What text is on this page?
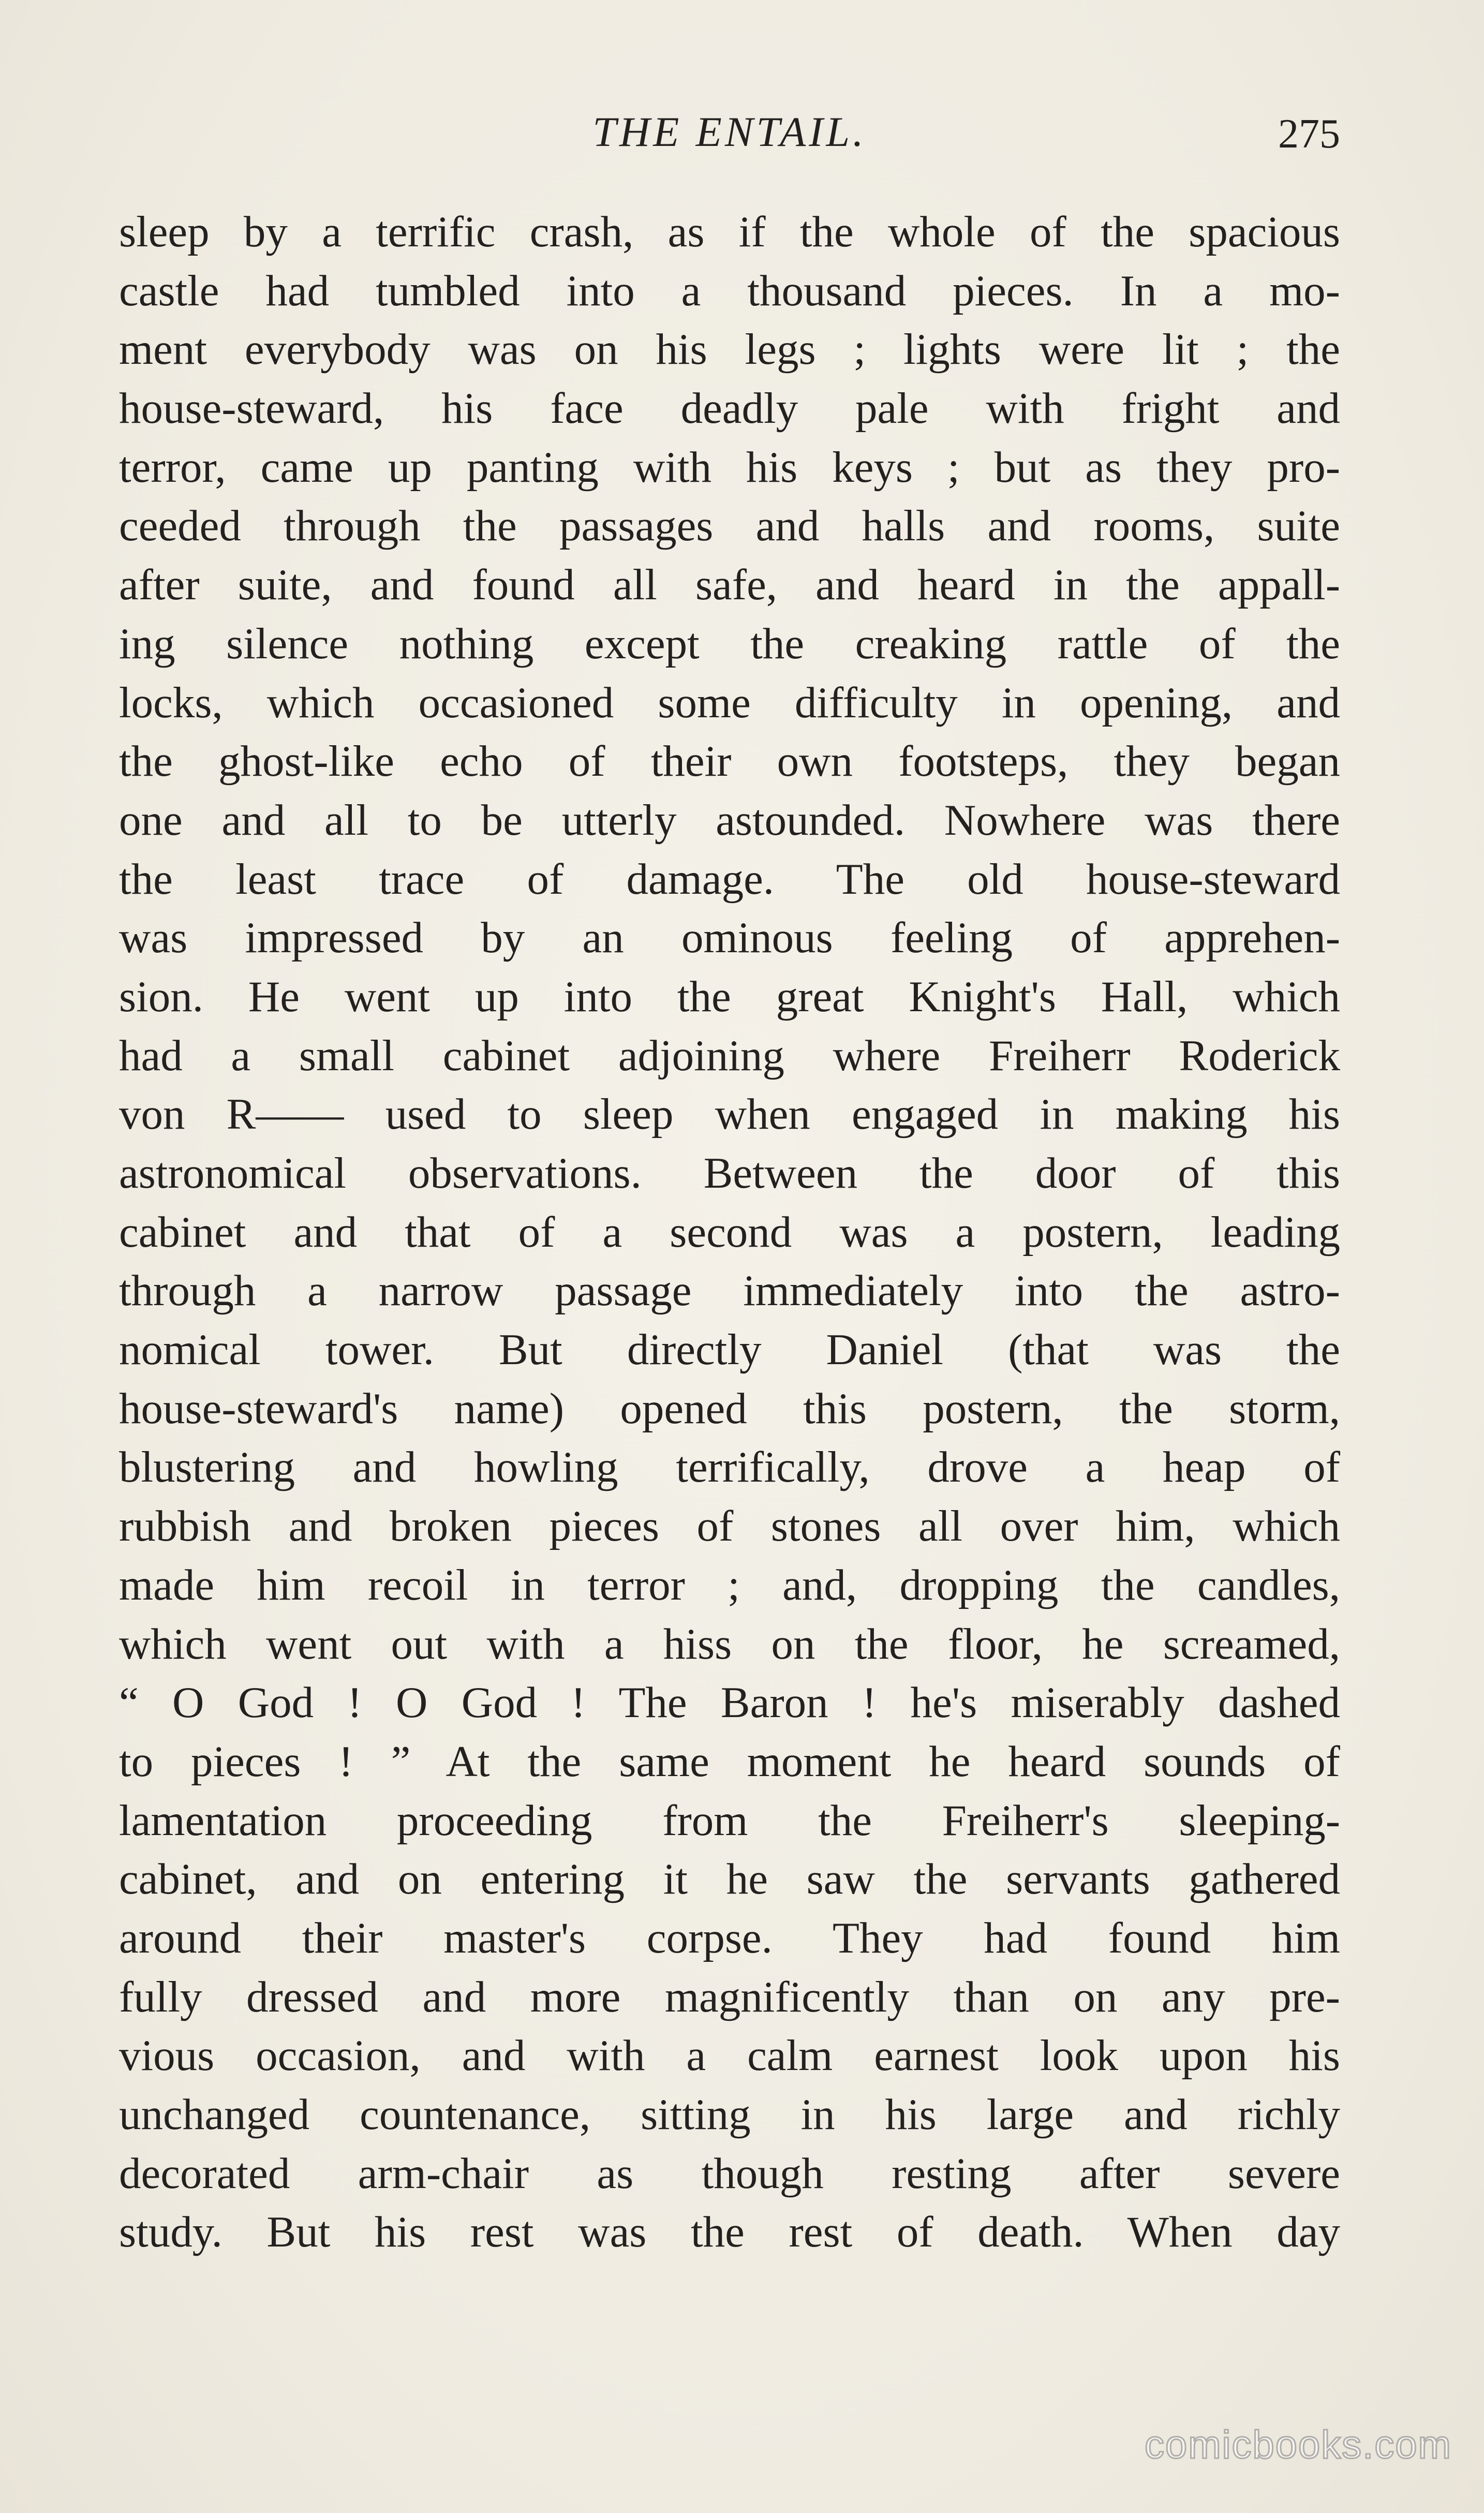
THE ENTAIL.	275
sleep by a terrific crash, as if the whole of the spacious
castle had tumbled into a thousand pieces. In a mo-
ment everybody was on his legs ; lights were lit ; the
house-steward, his face deadly pale with fright and
terror, came up panting with his keys ; but as they pro-
ceeded through the passages and halls and rooms, suite
after suite, and found all safe, and heard in the appall-
ing silence nothing except the creaking rattle of the
locks, which occasioned some difficulty in opening, and
the ghost-like echo of their own footsteps, they began
one and all to be utterly astounded. Nowhere was there
the least trace of damage. The old house-steward
was impressed by an ominous feeling of apprehen-
sion. He went up into the great Knight's Hall, which
had a small cabinet adjoining where Freiherr Roderick
von R—— used to sleep when engaged in making his
astronomical observations. Between the door of this
cabinet and that of a second was a postern, leading
through a narrow passage immediately into the astro-
nomical tower. But directly Daniel (that was the
house-steward's name) opened this postern, the storm,
blustering and howling terrifically, drove a heap of
rubbish and broken pieces of stones all over him, which
made him recoil in terror ; and, dropping the candles,
which went out with a hiss on the floor, he screamed,
“ O God ! O God ! The Baron ! he's miserably dashed
to pieces ! ” At the same moment he heard sounds of
lamentation proceeding from the Freiherr's sleeping-
cabinet, and on entering it he saw the servants gathered
around their master's corpse. They had found him
fully dressed and more magnificently than on any pre-
vious occasion, and with a calm earnest look upon his
unchanged countenance, sitting in his large and richly
decorated arm-chair as though resting after severe
study. But his rest was the rest of death. When day
comicbooks.com
